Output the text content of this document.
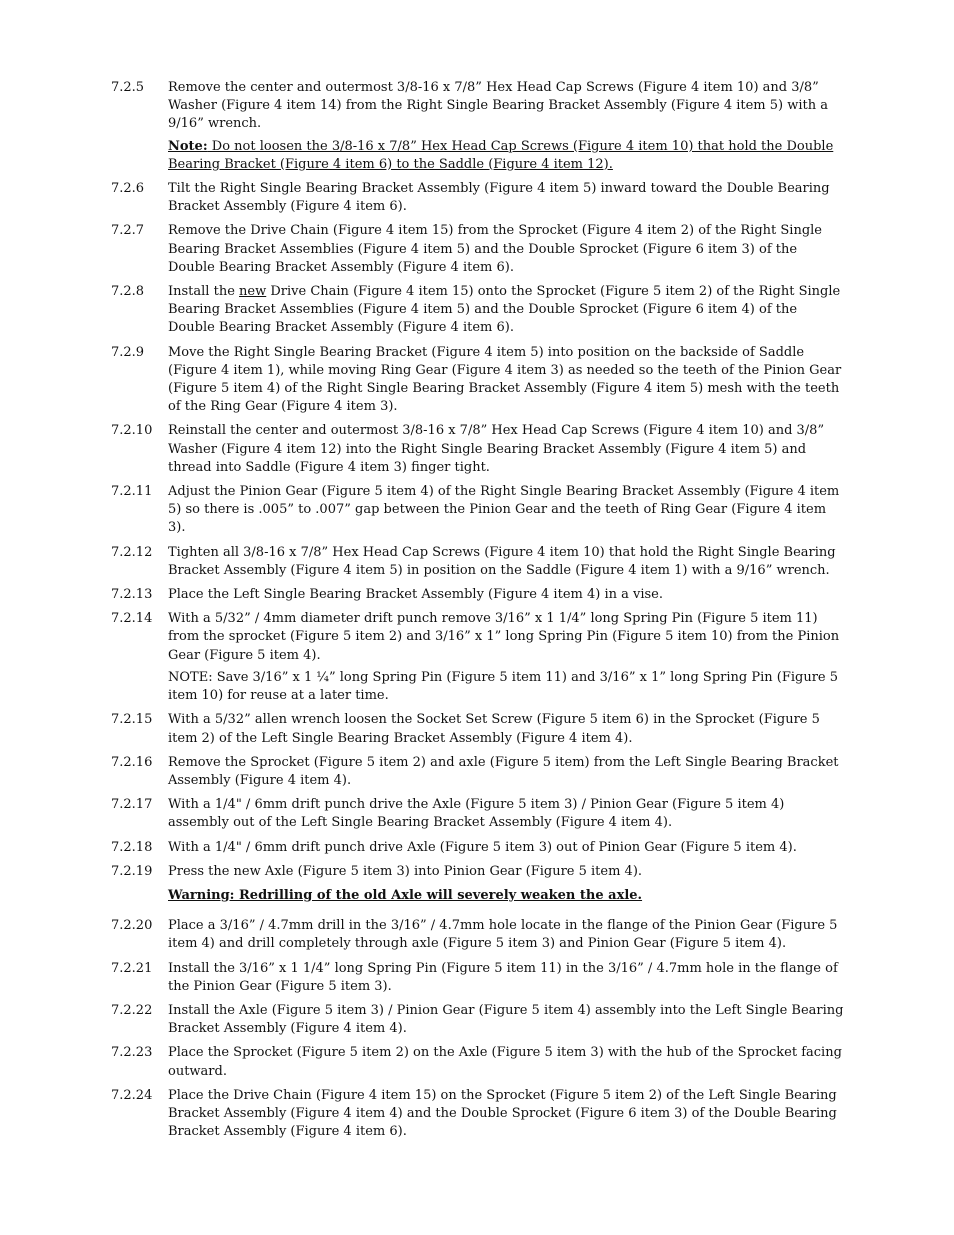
7.2.5	Remove the center and outermost 3/8-16 x 7/8” Hex Head Cap Screws (Figure 4 item 10) and 3/8” Washer (Figure 4 item 14) from the Right Single Bearing Bracket Assembly (Figure 4 item 5) with a 9/16” wrench.

Note: Do not loosen the 3/8-16 x 7/8” Hex Head Cap Screws (Figure 4 item 10) that hold the Double Bearing Bracket (Figure 4 item 6) to the Saddle (Figure 4 item 12).

7.2.6	Tilt the Right Single Bearing Bracket Assembly (Figure 4 item 5) inward toward the Double Bearing Bracket Assembly (Figure 4 item 6).

7.2.7	Remove the Drive Chain (Figure 4 item 15) from the Sprocket (Figure 4 item 2) of the Right Single Bearing Bracket Assemblies (Figure 4 item 5) and the Double Sprocket (Figure 6 item 3) of the Double Bearing Bracket Assembly (Figure 4 item 6).

7.2.8	Install the new Drive Chain (Figure 4 item 15) onto the Sprocket (Figure 5 item 2) of the Right Single Bearing Bracket Assemblies (Figure 4 item 5) and the Double Sprocket (Figure 6 item 4) of the Double Bearing Bracket Assembly (Figure 4 item 6).

7.2.9	Move the Right Single Bearing Bracket (Figure 4 item 5) into position on the backside of Saddle (Figure 4 item 1), while moving Ring Gear (Figure 4 item 3) as needed so the teeth of the Pinion Gear (Figure 5 item 4) of the Right Single Bearing Bracket Assembly (Figure 4 item 5) mesh with the teeth of the Ring Gear (Figure 4 item 3).

7.2.10	Reinstall the center and outermost 3/8-16 x 7/8” Hex Head Cap Screws (Figure 4 item 10) and 3/8” Washer (Figure 4 item 12) into the Right Single Bearing Bracket Assembly (Figure 4 item 5) and thread into Saddle (Figure 4 item 3) finger tight.

7.2.11	Adjust the Pinion Gear (Figure 5 item 4) of the Right Single Bearing Bracket Assembly (Figure 4 item 5) so there is .005” to .007” gap between the Pinion Gear and the teeth of Ring Gear (Figure 4 item 3).

7.2.12	Tighten all 3/8-16 x 7/8” Hex Head Cap Screws (Figure 4 item 10) that hold the Right Single Bearing Bracket Assembly (Figure 4 item 5) in position on the Saddle (Figure 4 item 1) with a 9/16” wrench.

7.2.13	Place the Left Single Bearing Bracket Assembly (Figure 4 item 4) in a vise.

7.2.14	With a 5/32” / 4mm diameter drift punch remove 3/16” x 1 1/4” long Spring Pin (Figure 5 item 11) from the sprocket (Figure 5 item 2) and 3/16” x 1” long Spring Pin (Figure 5 item 10) from the Pinion Gear (Figure 5 item 4).

NOTE: Save 3/16” x 1 ¼” long Spring Pin (Figure 5 item 11) and 3/16” x 1” long Spring Pin (Figure 5 item 10) for reuse at a later time.

7.2.15	With a 5/32” allen wrench loosen the Socket Set Screw (Figure 5 item 6) in the Sprocket (Figure 5 item 2) of the Left Single Bearing Bracket Assembly (Figure 4 item 4).

7.2.16	Remove the Sprocket (Figure 5 item 2) and axle (Figure 5 item) from the Left Single Bearing Bracket Assembly (Figure 4 item 4).

7.2.17	With a 1/4" / 6mm drift punch drive the Axle (Figure 5 item 3) / Pinion Gear (Figure 5 item 4) assembly out of the Left Single Bearing Bracket Assembly (Figure 4 item 4).

7.2.18	With a 1/4" / 6mm drift punch drive Axle (Figure 5 item 3) out of Pinion Gear (Figure 5 item 4).

7.2.19	Press the new Axle (Figure 5 item 3) into Pinion Gear (Figure 5 item 4).

Warning: Redrilling of the old Axle will severely weaken the axle.
7.2.20	Place a 3/16” / 4.7mm drill in the 3/16” / 4.7mm hole locate in the flange of the Pinion Gear (Figure 5 item 4) and drill completely through axle (Figure 5 item 3) and Pinion Gear (Figure 5 item 4).

7.2.21	Install the 3/16” x 1 1/4” long Spring Pin (Figure 5 item 11) in the 3/16” / 4.7mm hole in the flange of the Pinion Gear (Figure 5 item 3).

7.2.22	Install the Axle (Figure 5 item 3) / Pinion Gear (Figure 5 item 4) assembly into the Left Single Bearing Bracket Assembly (Figure 4 item 4).

7.2.23	Place the Sprocket (Figure 5 item 2) on the Axle (Figure 5 item 3) with the hub of the Sprocket facing outward.

7.2.24	Place the Drive Chain (Figure 4 item 15) on the Sprocket (Figure 5 item 2) of the Left Single Bearing Bracket Assembly (Figure 4 item 4) and the Double Sprocket (Figure 6 item 3) of the Double Bearing Bracket Assembly (Figure 4 item 6).
